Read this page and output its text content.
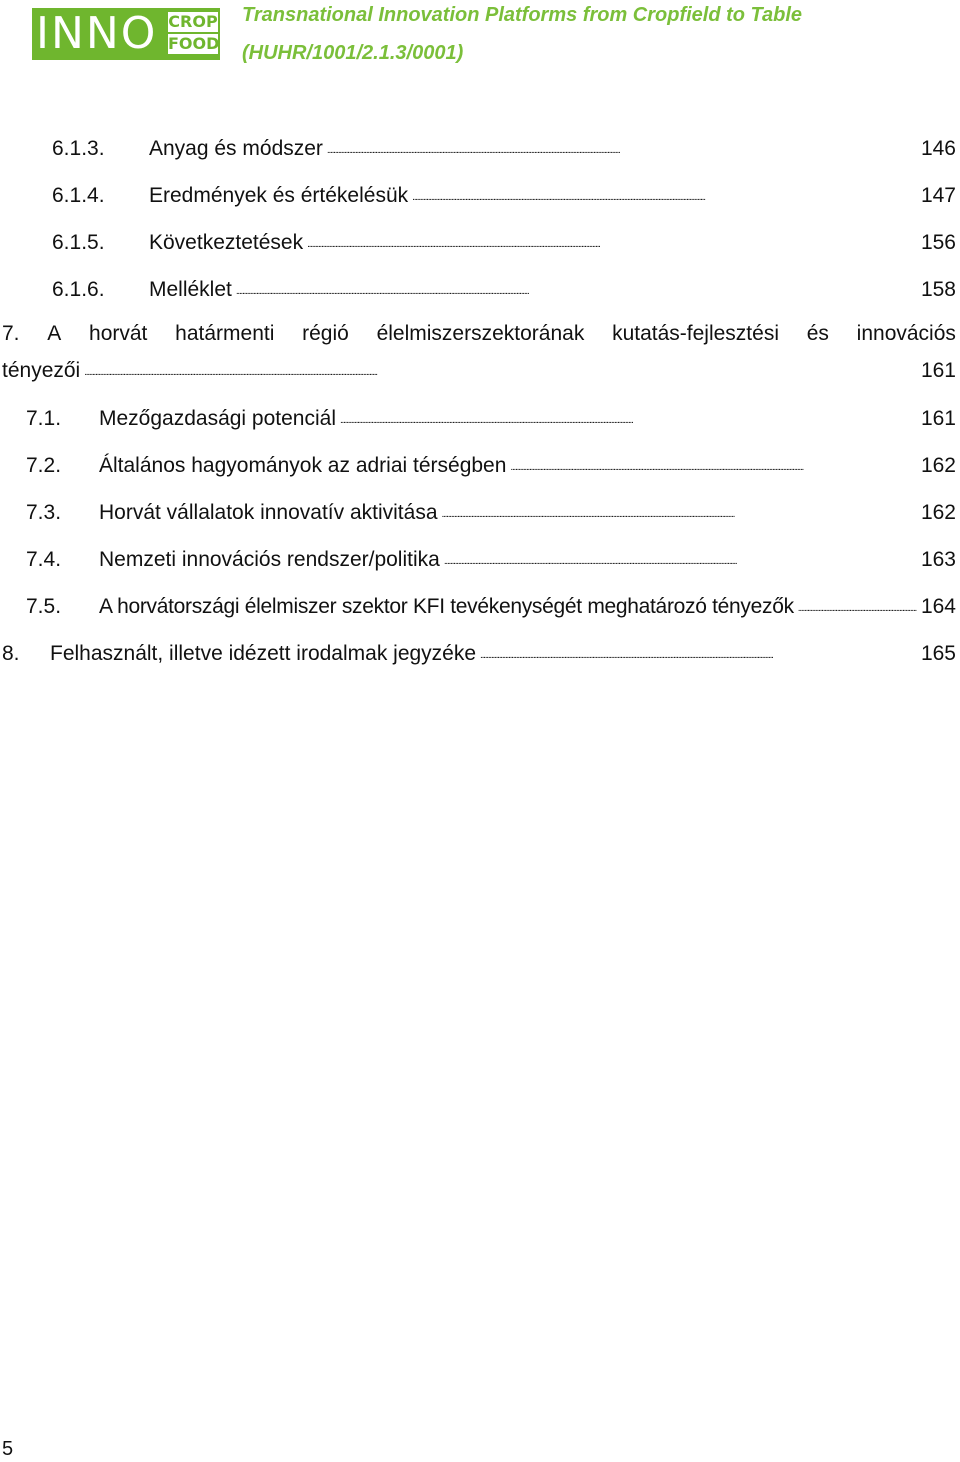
INNO CROP
FOOD
Transnational Innovation Platforms from Cropfield to Table
(HUHR/1001/2.1.3/0001)
6.1.3.	Anyag és módszer . . .	146
6.1.4.	Eredmények és értékelésük . . .	147
6.1.5.	Következtetések . . .	156
6.1.6.	Melléklet . . .	158
7. A horvát határmenti régió élelmiszerszektorának kutatás-fejlesztési és innovációs
tényezői . . .	161
7.1.	Mezőgazdasági potenciál . . .	161
7.2.	Általános hagyományok az adriai térségben . . .	162
7.3.	Horvát vállalatok innovatív aktivitása . . .	162
7.4.	Nemzeti innovációs rendszer/politika . . .	163
7.5.	A horvátországi élelmiszer szektor KFI tevékenységét meghatározó tényezők . . .	164
8.	Felhasznált, illetve idézett irodalmak jegyzéke . . .	165
5
